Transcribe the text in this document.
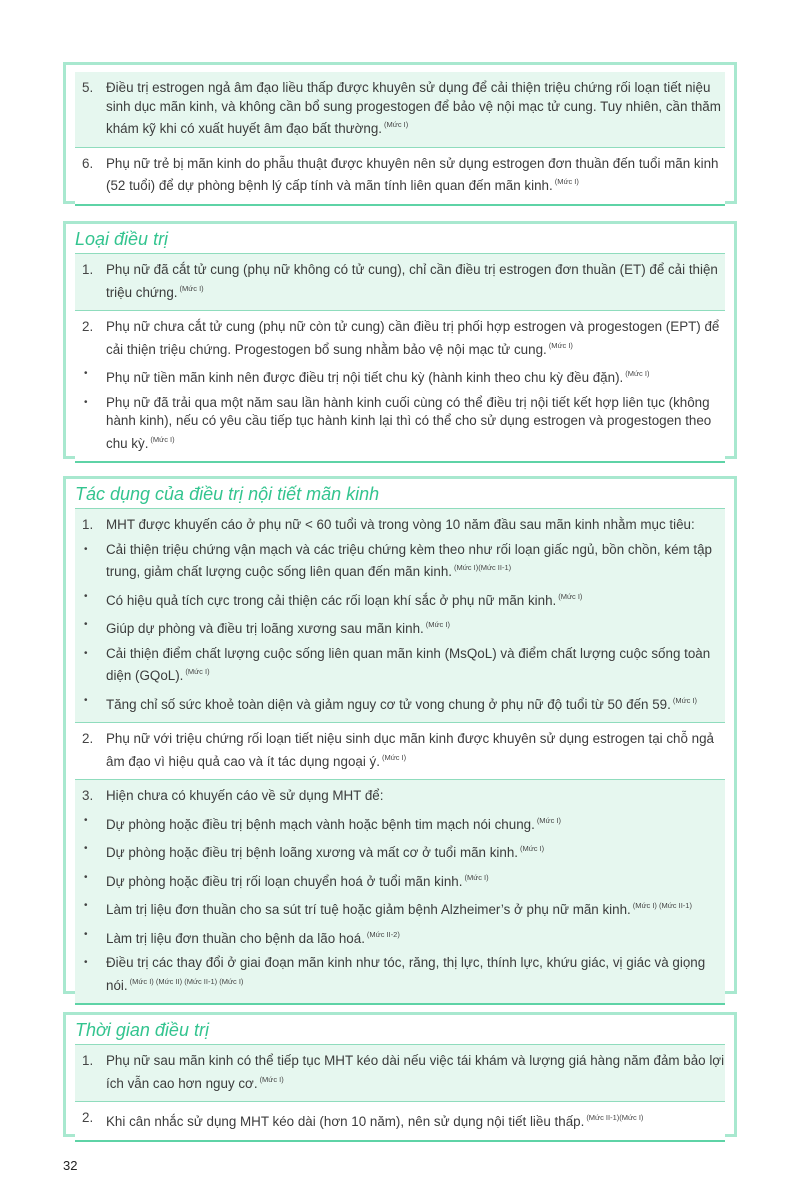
5. Điều trị estrogen ngả âm đạo liều thấp được khuyên sử dụng để cải thiện triệu chứng rối loạn tiết niệu sinh dục mãn kinh, và không cần bổ sung progestogen để bảo vệ nội mạc tử cung. Tuy nhiên, cần thăm khám kỹ khi có xuất huyết âm đạo bất thường. $^{(Mức I)}$
6. Phụ nữ trẻ bị mãn kinh do phẫu thuật được khuyên nên sử dụng estrogen đơn thuần đến tuổi mãn kinh (52 tuổi) để dự phòng bệnh lý cấp tính và mãn tính liên quan đến mãn kinh. $^{(Mức I)}$
Loại điều trị
1. Phụ nữ đã cắt tử cung (phụ nữ không có tử cung), chỉ cần điều trị estrogen đơn thuần (ET) để cải thiện triệu chứng. $^{(Mức I)}$
2. Phụ nữ chưa cắt tử cung (phụ nữ còn tử cung) cần điều trị phối hợp estrogen và progestogen (EPT) để cải thiện triệu chứng. Progestogen bổ sung nhằm bảo vệ nội mạc tử cung. $^{(Mức I)}$
•	Phụ nữ tiền mãn kinh nên được điều trị nội tiết chu kỳ (hành kinh theo chu kỳ đều đặn). $^{(Mức I)}$
•	Phụ nữ đã trải qua một năm sau lần hành kinh cuối cùng có thể điều trị nội tiết kết hợp liên tục (không hành kinh), nếu có yêu cầu tiếp tục hành kinh lại thì có thể cho sử dụng estrogen và progestogen theo chu kỳ. $^{(Mức I)}$
Tác dụng của điều trị nội tiết mãn kinh
1. MHT được khuyến cáo ở phụ nữ < 60 tuổi và trong vòng 10 năm đầu sau mãn kinh nhằm mục tiêu:
•	Cải thiện triệu chứng vận mạch và các triệu chứng kèm theo như rối loạn giấc ngủ, bồn chồn, kém tập trung, giảm chất lượng cuộc sống liên quan đến mãn kinh. $^{(Mức I)(Mức II-1)}$
•	Có hiệu quả tích cực trong cải thiện các rối loạn khí sắc ở phụ nữ mãn kinh. $^{(Mức I)}$
•	Giúp dự phòng và điều trị loãng xương sau mãn kinh. $^{(Mức I)}$
•	Cải thiện điểm chất lượng cuộc sống liên quan mãn kinh (MsQoL) và điểm chất lượng cuộc sống toàn diện (GQoL). $^{(Mức I)}$
•	Tăng chỉ số sức khoẻ toàn diện và giảm nguy cơ tử vong chung ở phụ nữ độ tuổi từ 50 đến 59. $^{(Mức I)}$
2. Phụ nữ với triệu chứng rối loạn tiết niệu sinh dục mãn kinh được khuyên sử dụng estrogen tại chỗ ngả âm đạo vì hiệu quả cao và ít tác dụng ngoại ý. $^{(Mức I)}$
3. Hiện chưa có khuyến cáo về sử dụng MHT để:
•	Dự phòng hoặc điều trị bệnh mạch vành hoặc bệnh tim mạch nói chung. $^{(Mức I)}$
•	Dự phòng hoặc điều trị bệnh loãng xương và mất cơ ở tuổi mãn kinh. $^{(Mức I)}$
•	Dự phòng hoặc điều trị rối loạn chuyển hoá ở tuổi mãn kinh. $^{(Mức I)}$
•	Làm trị liệu đơn thuần cho sa sút trí tuệ hoặc giảm bệnh Alzheimer’s ở phụ nữ mãn kinh. $^{(Mức I) (Mức II-1)}$
•	Làm trị liệu đơn thuần cho bệnh da lão hoá. $^{(Mức II-2)}$
•	Điều trị các thay đổi ở giai đoạn mãn kinh như tóc, răng, thị lực, thính lực, khứu giác, vị giác và giọng nói. $^{(Mức I) (Mức II) (Mức II-1) (Mức I)}$
Thời gian điều trị
1. Phụ nữ sau mãn kinh có thể tiếp tục MHT kéo dài nếu việc tái khám và lượng giá hàng năm đảm bảo lợi ích vẫn cao hơn nguy cơ. $^{(Mức I)}$
2. Khi cân nhắc sử dụng MHT kéo dài (hơn 10 năm), nên sử dụng nội tiết liều thấp. $^{(Mức II-1)(Mức I)}$
32
